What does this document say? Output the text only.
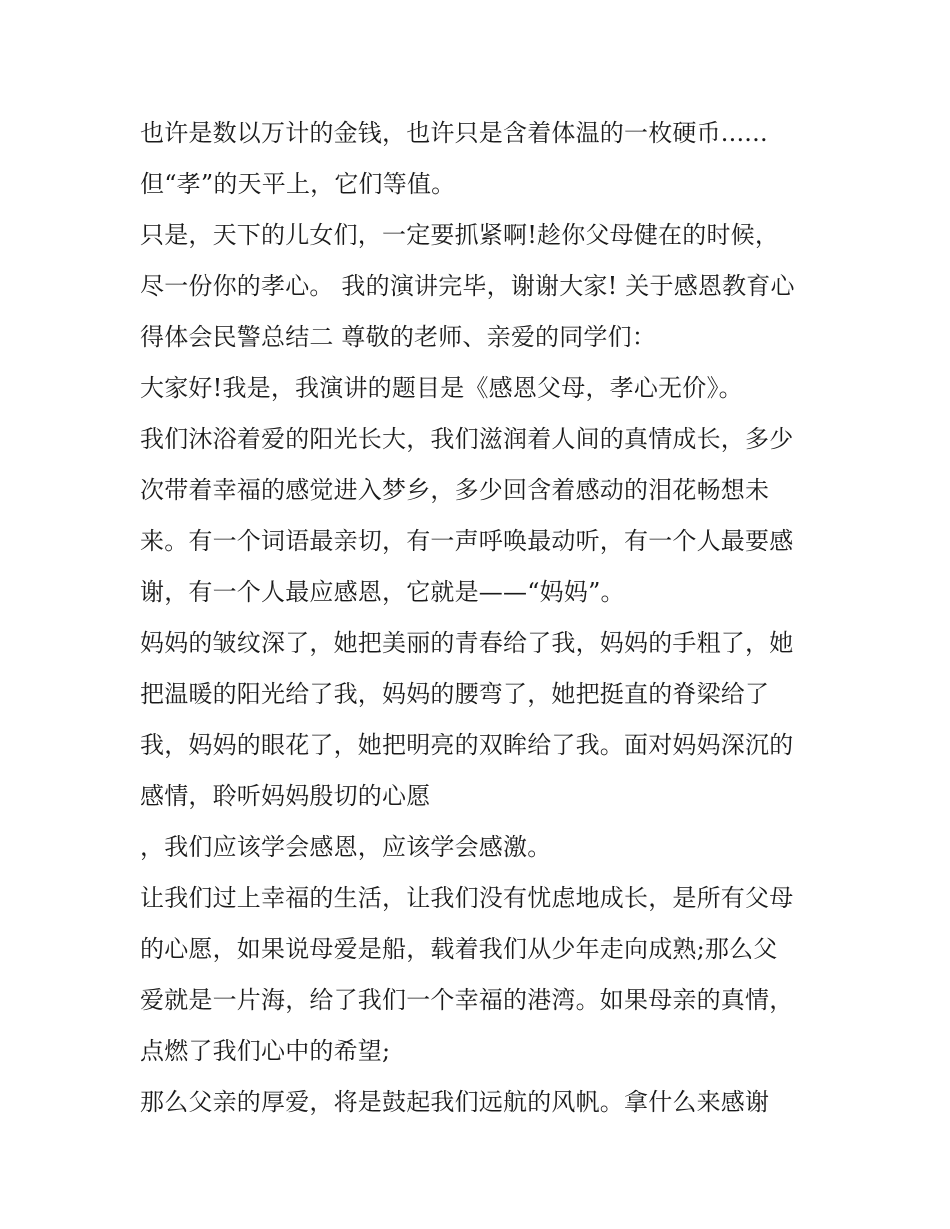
也许是数以万计的金钱，也许只是含着体温的一枚硬币......
但“孝”的天平上，它们等值。
只是，天下的儿女们，一定要抓紧啊!趁你父母健在的时候，
尽一份你的孝心。 我的演讲完毕，谢谢大家! 关于感恩教育心
得体会民警总结二 尊敬的老师、亲爱的同学们：
大家好!我是，我演讲的题目是《感恩父母，孝心无价》。
我们沐浴着爱的阳光长大，我们滋润着人间的真情成长，多少
次带着幸福的感觉进入梦乡，多少回含着感动的泪花畅想未
来。有一个词语最亲切，有一声呼唤最动听，有一个人最要感
谢，有一个人最应感恩，它就是——“妈妈”。
妈妈的皱纹深了，她把美丽的青春给了我，妈妈的手粗了，她
把温暖的阳光给了我，妈妈的腰弯了，她把挺直的脊梁给了
我，妈妈的眼花了，她把明亮的双眸给了我。面对妈妈深沉的
感情，聆听妈妈殷切的心愿
，我们应该学会感恩，应该学会感激。
让我们过上幸福的生活，让我们没有忧虑地成长，是所有父母
的心愿，如果说母爱是船，载着我们从少年走向成熟;那么父
爱就是一片海，给了我们一个幸福的港湾。如果母亲的真情，
点燃了我们心中的希望;
那么父亲的厚爱，将是鼓起我们远航的风帆。拿什么来感谢
